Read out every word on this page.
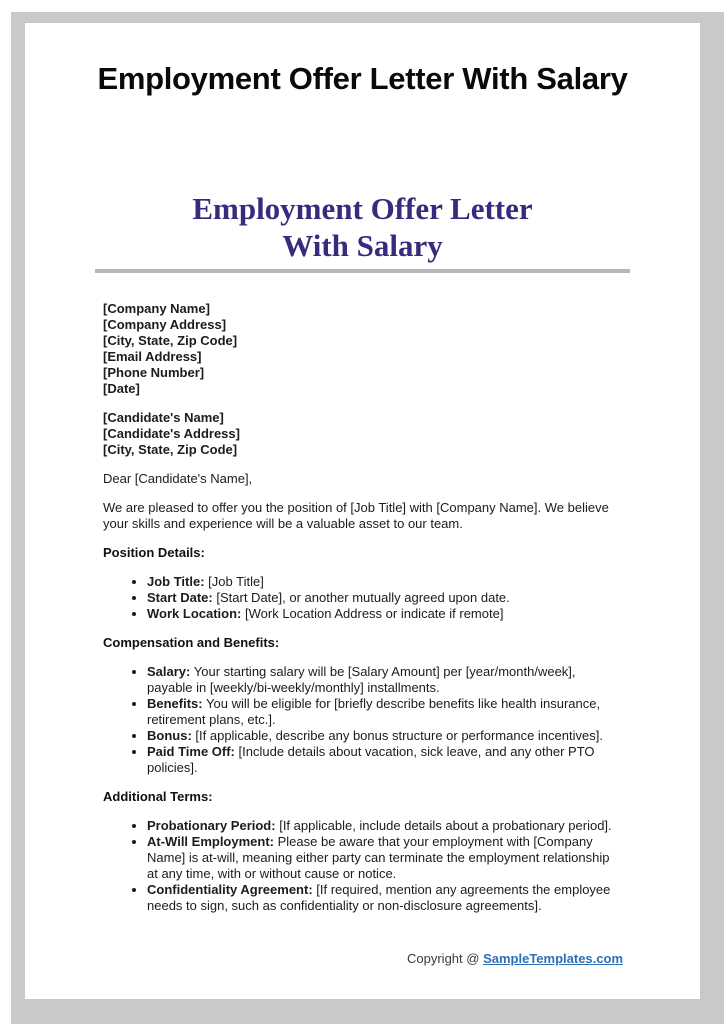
Employment Offer Letter With Salary
Employment Offer Letter
With Salary
[Company Name]
[Company Address]
[City, State, Zip Code]
[Email Address]
[Phone Number]
[Date]
[Candidate's Name]
[Candidate's Address]
[City, State, Zip Code]

Dear [Candidate's Name],

We are pleased to offer you the position of [Job Title] with [Company Name]. We believe your skills and experience will be a valuable asset to our team.

Position Details:
• Job Title: [Job Title]
• Start Date: [Start Date], or another mutually agreed upon date.
• Work Location: [Work Location Address or indicate if remote]
Compensation and Benefits:
• Salary: Your starting salary will be [Salary Amount] per [year/month/week], payable in [weekly/bi-weekly/monthly] installments.
• Benefits: You will be eligible for [briefly describe benefits like health insurance, retirement plans, etc.].
• Bonus: [If applicable, describe any bonus structure or performance incentives].
• Paid Time Off: [Include details about vacation, sick leave, and any other PTO policies].
Additional Terms:
• Probationary Period: [If applicable, include details about a probationary period].
• At-Will Employment: Please be aware that your employment with [Company Name] is at-will, meaning either party can terminate the employment relationship at any time, with or without cause or notice.
• Confidentiality Agreement: [If required, mention any agreements the employee needs to sign, such as confidentiality or non-disclosure agreements].
Copyright @ SampleTemplates.com
